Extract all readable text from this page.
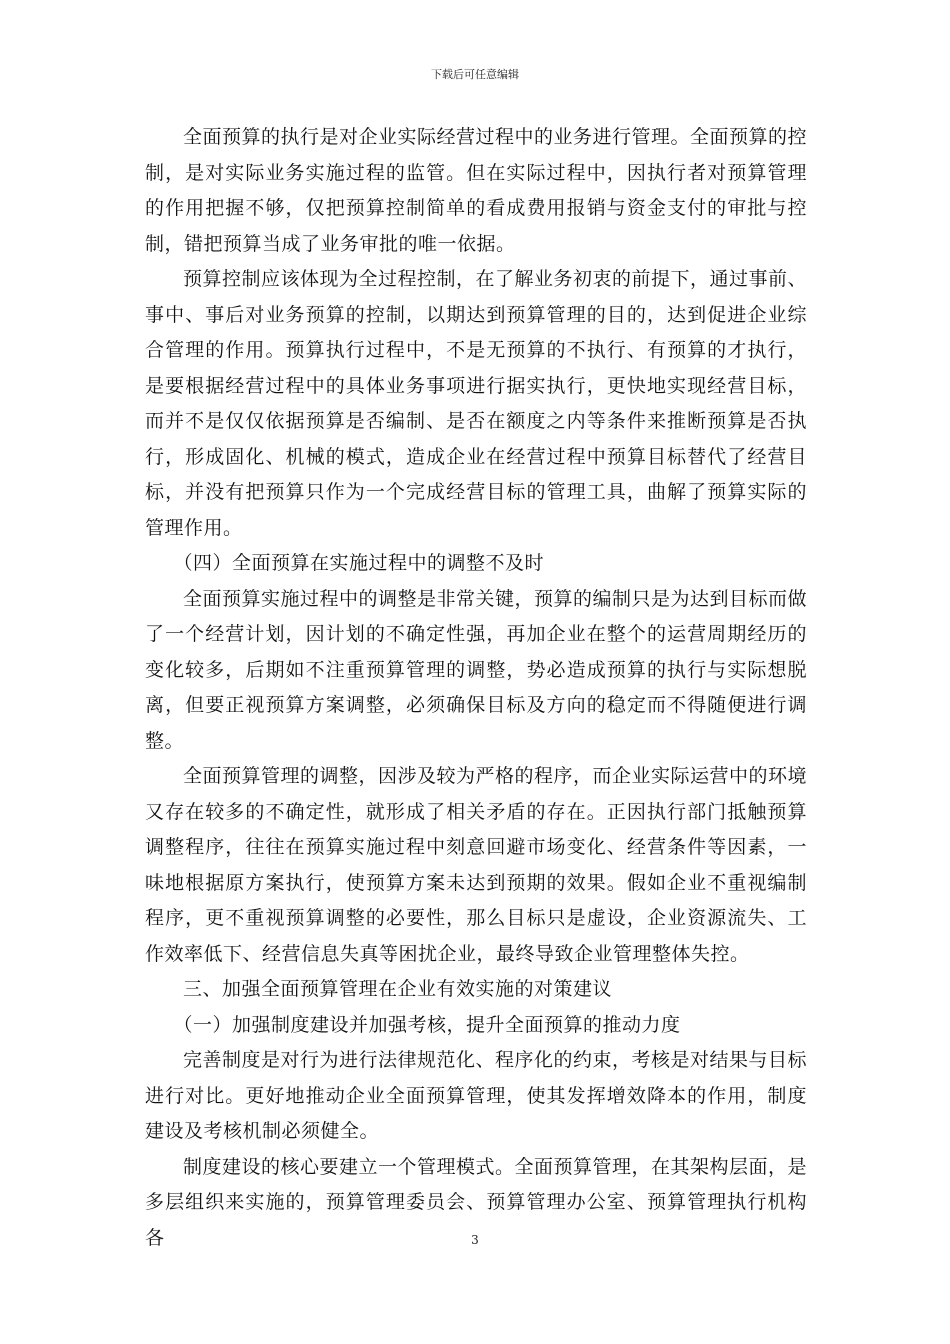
下载后可任意编辑

全面预算的执行是对企业实际经营过程中的业务进行管理。全面预算的控制，是对实际业务实施过程的监管。但在实际过程中，因执行者对预算管理的作用把握不够，仅把预算控制简单的看成费用报销与资金支付的审批与控制，错把预算当成了业务审批的唯一依据。

预算控制应该体现为全过程控制，在了解业务初衷的前提下，通过事前、事中、事后对业务预算的控制，以期达到预算管理的目的，达到促进企业综合管理的作用。预算执行过程中，不是无预算的不执行、有预算的才执行，是要根据经营过程中的具体业务事项进行据实执行，更快地实现经营目标，而并不是仅仅依据预算是否编制、是否在额度之内等条件来推断预算是否执行，形成固化、机械的模式，造成企业在经营过程中预算目标替代了经营目标，并没有把预算只作为一个完成经营目标的管理工具，曲解了预算实际的管理作用。

（四）全面预算在实施过程中的调整不及时

全面预算实施过程中的调整是非常关键，预算的编制只是为达到目标而做了一个经营计划，因计划的不确定性强，再加企业在整个的运营周期经历的变化较多，后期如不注重预算管理的调整，势必造成预算的执行与实际想脱离，但要正视预算方案调整，必须确保目标及方向的稳定而不得随便进行调整。

全面预算管理的调整，因涉及较为严格的程序，而企业实际运营中的环境又存在较多的不确定性，就形成了相关矛盾的存在。正因执行部门抵触预算调整程序，往往在预算实施过程中刻意回避市场变化、经营条件等因素，一味地根据原方案执行，使预算方案未达到预期的效果。假如企业不重视编制程序，更不重视预算调整的必要性，那么目标只是虚设，企业资源流失、工作效率低下、经营信息失真等困扰企业，最终导致企业管理整体失控。

三、加强全面预算管理在企业有效实施的对策建议

（一）加强制度建设并加强考核，提升全面预算的推动力度

完善制度是对行为进行法律规范化、程序化的约束，考核是对结果与目标进行对比。更好地推动企业全面预算管理，使其发挥增效降本的作用，制度建设及考核机制必须健全。

制度建设的核心要建立一个管理模式。全面预算管理，在其架构层面，是多层组织来实施的，预算管理委员会、预算管理办公室、预算管理执行机构各	3
